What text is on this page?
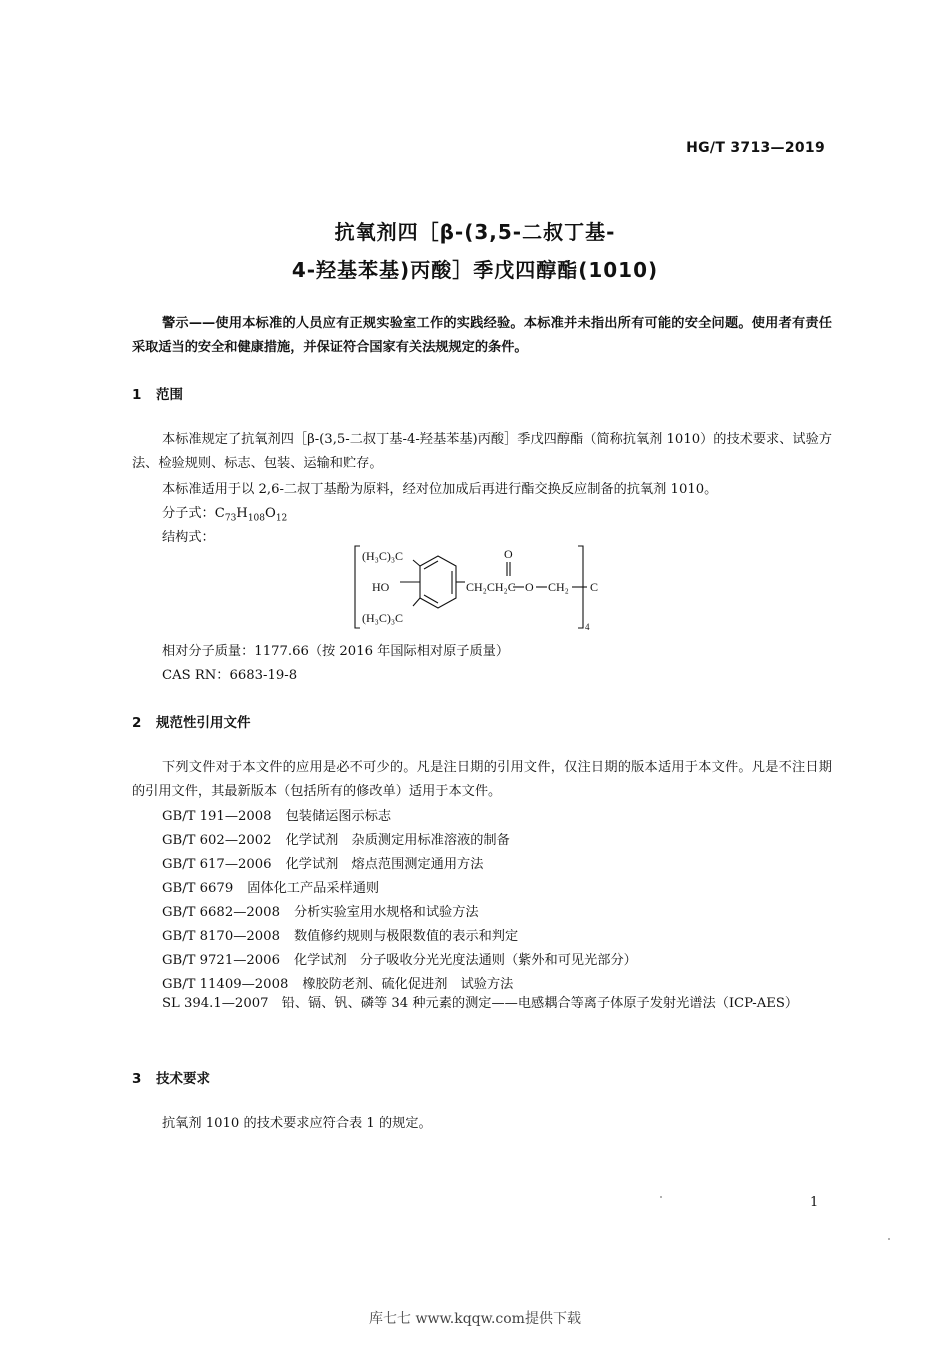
HG/T 3713—2019
抗氧剂四［β-(3,5-二叔丁基-
4-羟基苯基)丙酸］季戊四醇酯(1010)
警示——使用本标准的人员应有正规实验室工作的实践经验。本标准并未指出所有可能的安全问题。使用者有责任采取适当的安全和健康措施，并保证符合国家有关法规规定的条件。
1 范围
本标准规定了抗氧剂四［β-(3,5-二叔丁基-4-羟基苯基)丙酸］季戊四醇酯（简称抗氧剂 1010）的技术要求、试验方法、检验规则、标志、包装、运输和贮存。
本标准适用于以 2,6-二叔丁基酚为原料，经对位加成后再进行酯交换反应制备的抗氧剂 1010。
分子式：$C_{73}H_{108}O_{12}$
结构式：
(H₃C)₃C
HO
(H₃C)₃C
CH₂CH₂C
O
O CH₂ C
4
相对分子质量：1177.66（按 2016 年国际相对原子质量）
CAS RN：6683-19-8
2 规范性引用文件
下列文件对于本文件的应用是必不可少的。凡是注日期的引用文件，仅注日期的版本适用于本文件。凡是不注日期的引用文件，其最新版本（包括所有的修改单）适用于本文件。
GB/T 191—2008 包装储运图示标志
GB/T 602—2002 化学试剂　杂质测定用标准溶液的制备
GB/T 617—2006 化学试剂　熔点范围测定通用方法
GB/T 6679 固体化工产品采样通则
GB/T 6682—2008 分析实验室用水规格和试验方法
GB/T 8170—2008 数值修约规则与极限数值的表示和判定
GB/T 9721—2006 化学试剂　分子吸收分光光度法通则（紫外和可见光部分）
GB/T 11409—2008 橡胶防老剂、硫化促进剂　试验方法
SL 394.1—2007　铅、镉、钒、磷等 34 种元素的测定——电感耦合等离子体原子发射光谱法（ICP-AES）
3 技术要求
抗氧剂 1010 的技术要求应符合表 1 的规定。
1
库七七 www.kqqw.com提供下载
